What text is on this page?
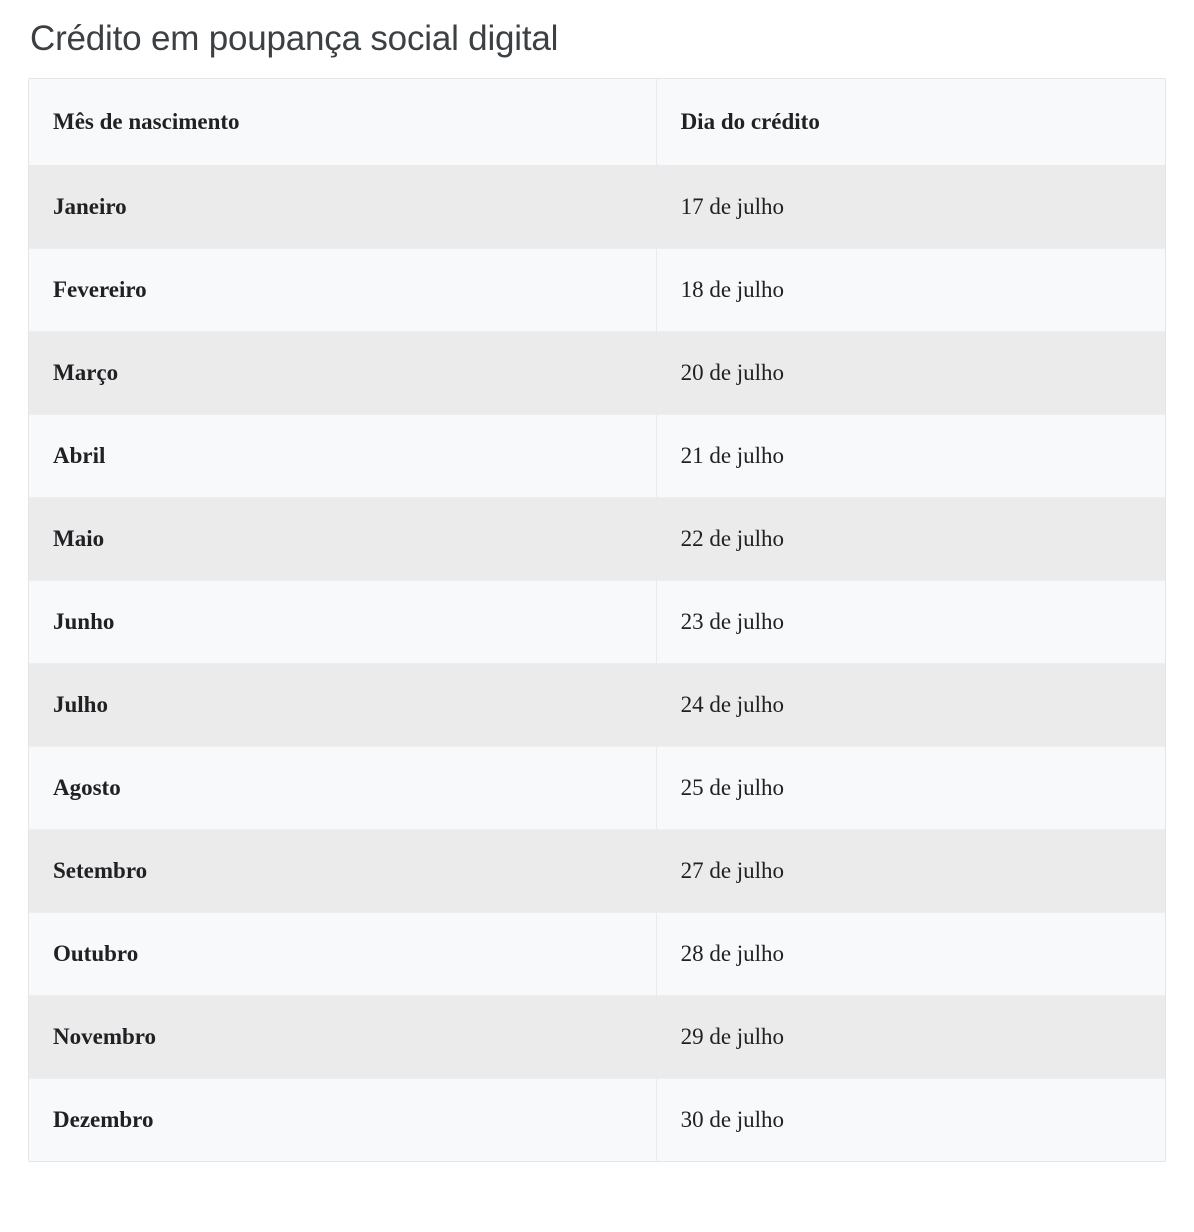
Crédito em poupança social digital
Mês de nascimento	Dia do crédito
Janeiro	17 de julho
Fevereiro	18 de julho
Março	20 de julho
Abril	21 de julho
Maio	22 de julho
Junho	23 de julho
Julho	24 de julho
Agosto	25 de julho
Setembro	27 de julho
Outubro	28 de julho
Novembro	29 de julho
Dezembro	30 de julho
